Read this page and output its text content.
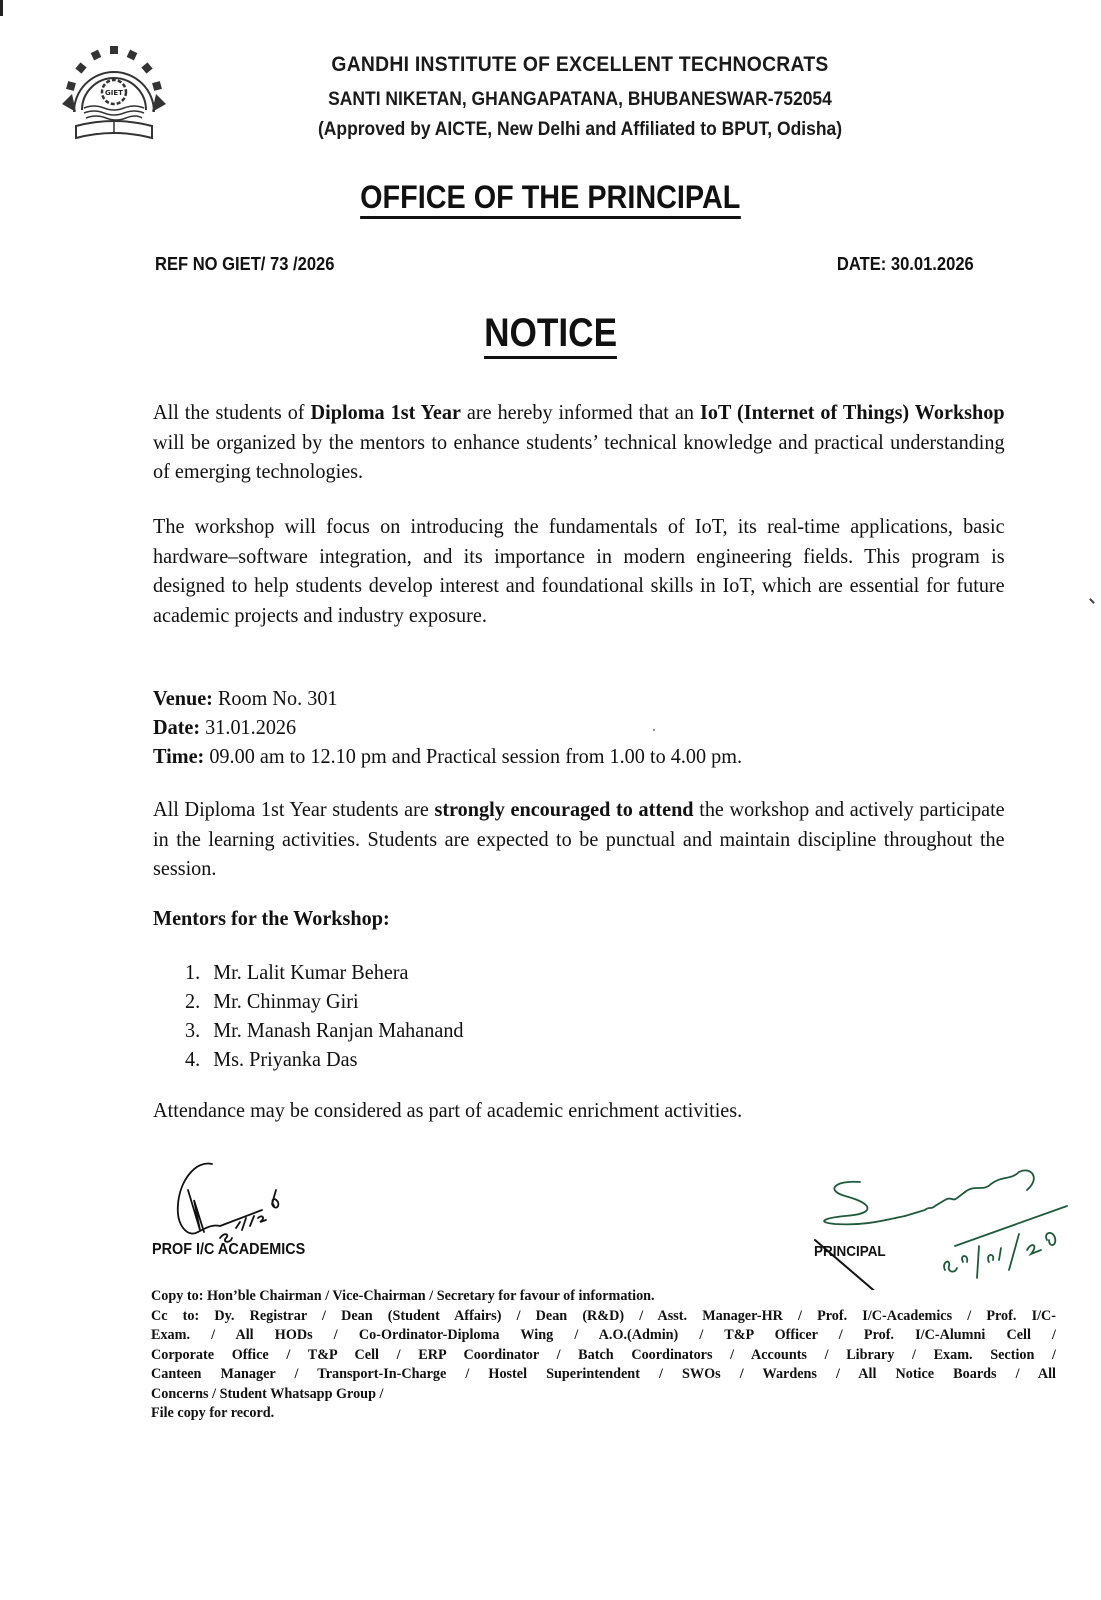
GIET

GANDHI INSTITUTE OF EXCELLENT TECHNOCRATS

SANTI NIKETAN, GHANGAPATANA, BHUBANESWAR-752054

(Approved by AICTE, New Delhi and Affiliated to BPUT, Odisha)

OFFICE OF THE PRINCIPAL
REF NO GIET/ 73 /2026	DATE: 30.01.2026
NOTICE
All the students of Diploma 1st Year are hereby informed that an IoT (Internet of Things) Workshop will be organized by the mentors to enhance students’ technical knowledge and practical understanding of emerging technologies.
The workshop will focus on introducing the fundamentals of IoT, its real-time applications, basic hardware–software integration, and its importance in modern engineering fields. This program is designed to help students develop interest and foundational skills in IoT, which are essential for future academic projects and industry exposure.
Venue: Room No. 301
Date: 31.01.2026
Time: 09.00 am to 12.10 pm and Practical session from 1.00 to 4.00 pm.
All Diploma 1st Year students are strongly encouraged to attend the workshop and actively participate in the learning activities. Students are expected to be punctual and maintain discipline throughout the session.
Mentors for the Workshop:
1. Mr. Lalit Kumar Behera
2. Mr. Chinmay Giri
3. Mr. Manash Ranjan Mahanand
4. Ms. Priyanka Das
Attendance may be considered as part of academic enrichment activities.
PROF I/C ACADEMICS	PRINCIPAL
Copy to: Hon’ble Chairman / Vice-Chairman / Secretary for favour of information.
Cc to: Dy. Registrar / Dean (Student Affairs) / Dean (R&D) / Asst. Manager-HR / Prof. I/C-Academics / Prof. I/C-
Exam. / All HODs / Co-Ordinator-Diploma Wing / A.O.(Admin) / T&P Officer / Prof. I/C-Alumni Cell /
Corporate Office / T&P Cell / ERP Coordinator / Batch Coordinators / Accounts / Library / Exam. Section /
Canteen Manager / Transport-In-Charge / Hostel Superintendent / SWOs / Wardens / All Notice Boards / All
Concerns / Student Whatsapp Group /
File copy for record.
